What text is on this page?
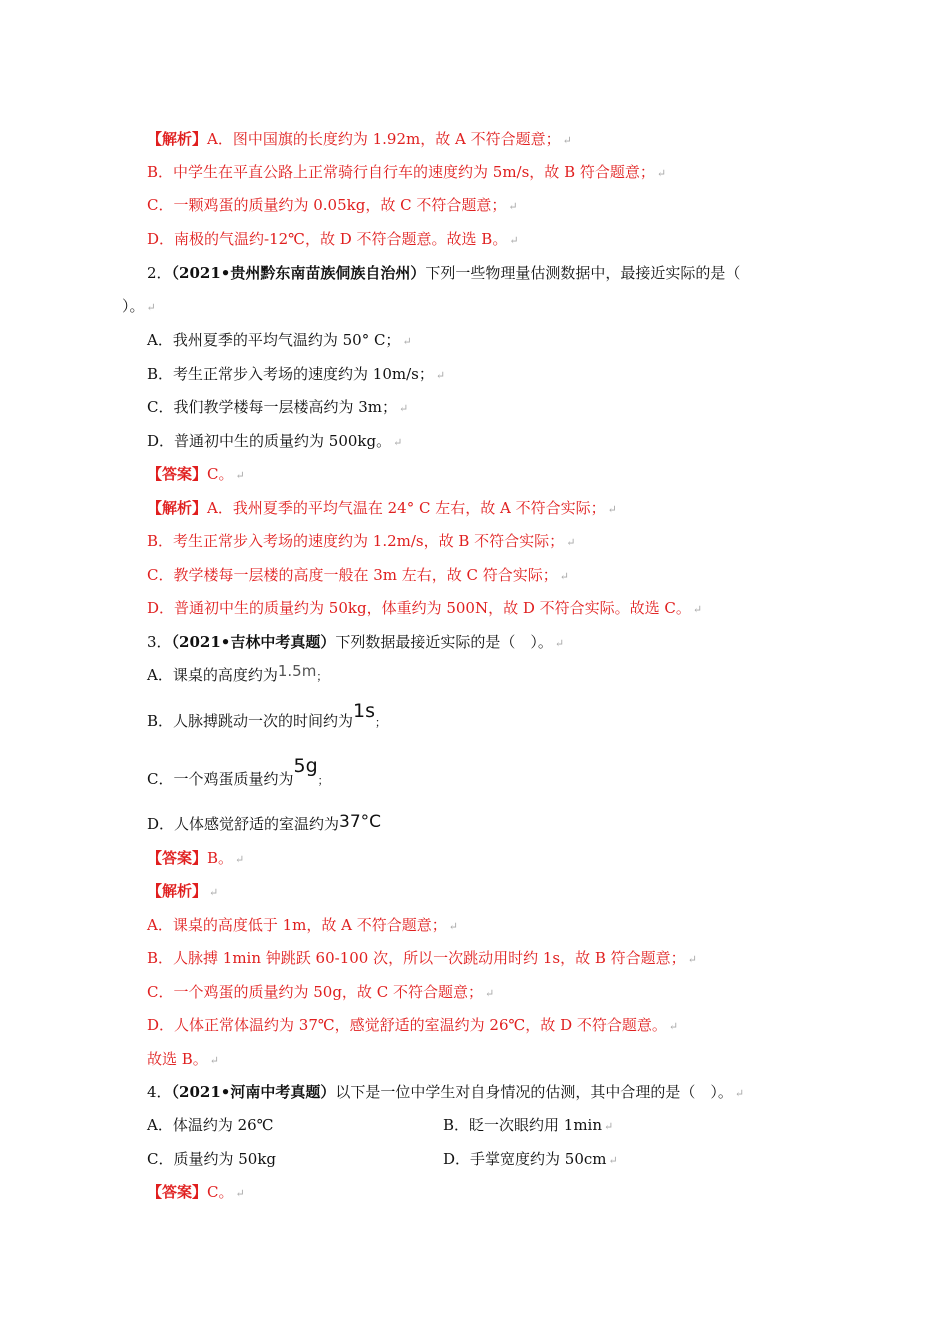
【解析】A．图中国旗的长度约为 1.92m，故 A 不符合题意； ↵
B．中学生在平直公路上正常骑行自行车的速度约为 5m/s，故 B 符合题意； ↵
C．一颗鸡蛋的质量约为 0.05kg，故 C 不符合题意； ↵
D．南极的气温约-12℃，故 D 不符合题意。故选 B。 ↵
2．（2021•贵州黔东南苗族侗族自治州）下列一些物理量估测数据中，最接近实际的是（
）。 ↵
A．我州夏季的平均气温约为 50° C； ↵
B．考生正常步入考场的速度约为 10m/s； ↵
C．我们教学楼每一层楼高约为 3m； ↵
D．普通初中生的质量约为 500kg。 ↵
【答案】C。 ↵
【解析】A．我州夏季的平均气温在 24° C 左右，故 A 不符合实际； ↵
B．考生正常步入考场的速度约为 1.2m/s，故 B 不符合实际； ↵
C．教学楼每一层楼的高度一般在 3m 左右，故 C 符合实际； ↵
D．普通初中生的质量约为 50kg，体重约为 500N，故 D 不符合实际。故选 C。 ↵
3．（2021•吉林中考真题）下列数据最接近实际的是（　）。 ↵
A．课桌的高度约为1.5m；
B．人脉搏跳动一次的时间约为1s；
C．一个鸡蛋质量约为5g；
D．人体感觉舒适的室温约为37°C
【答案】B。 ↵
【解析】 ↵
A．课桌的高度低于 1m，故 A 不符合题意； ↵
B．人脉搏 1min 钟跳跃 60-100 次，所以一次跳动用时约 1s，故 B 符合题意； ↵
C．一个鸡蛋的质量约为 50g，故 C 不符合题意； ↵
D．人体正常体温约为 37℃，感觉舒适的室温约为 26℃，故 D 不符合题意。 ↵
故选 B。 ↵
4．（2021•河南中考真题）以下是一位中学生对自身情况的估测，其中合理的是（　）。 ↵
A．体温约为 26℃	B．眨一次眼约用 1min ↵
C．质量约为 50kg	D．手掌宽度约为 50cm ↵
【答案】C。 ↵
